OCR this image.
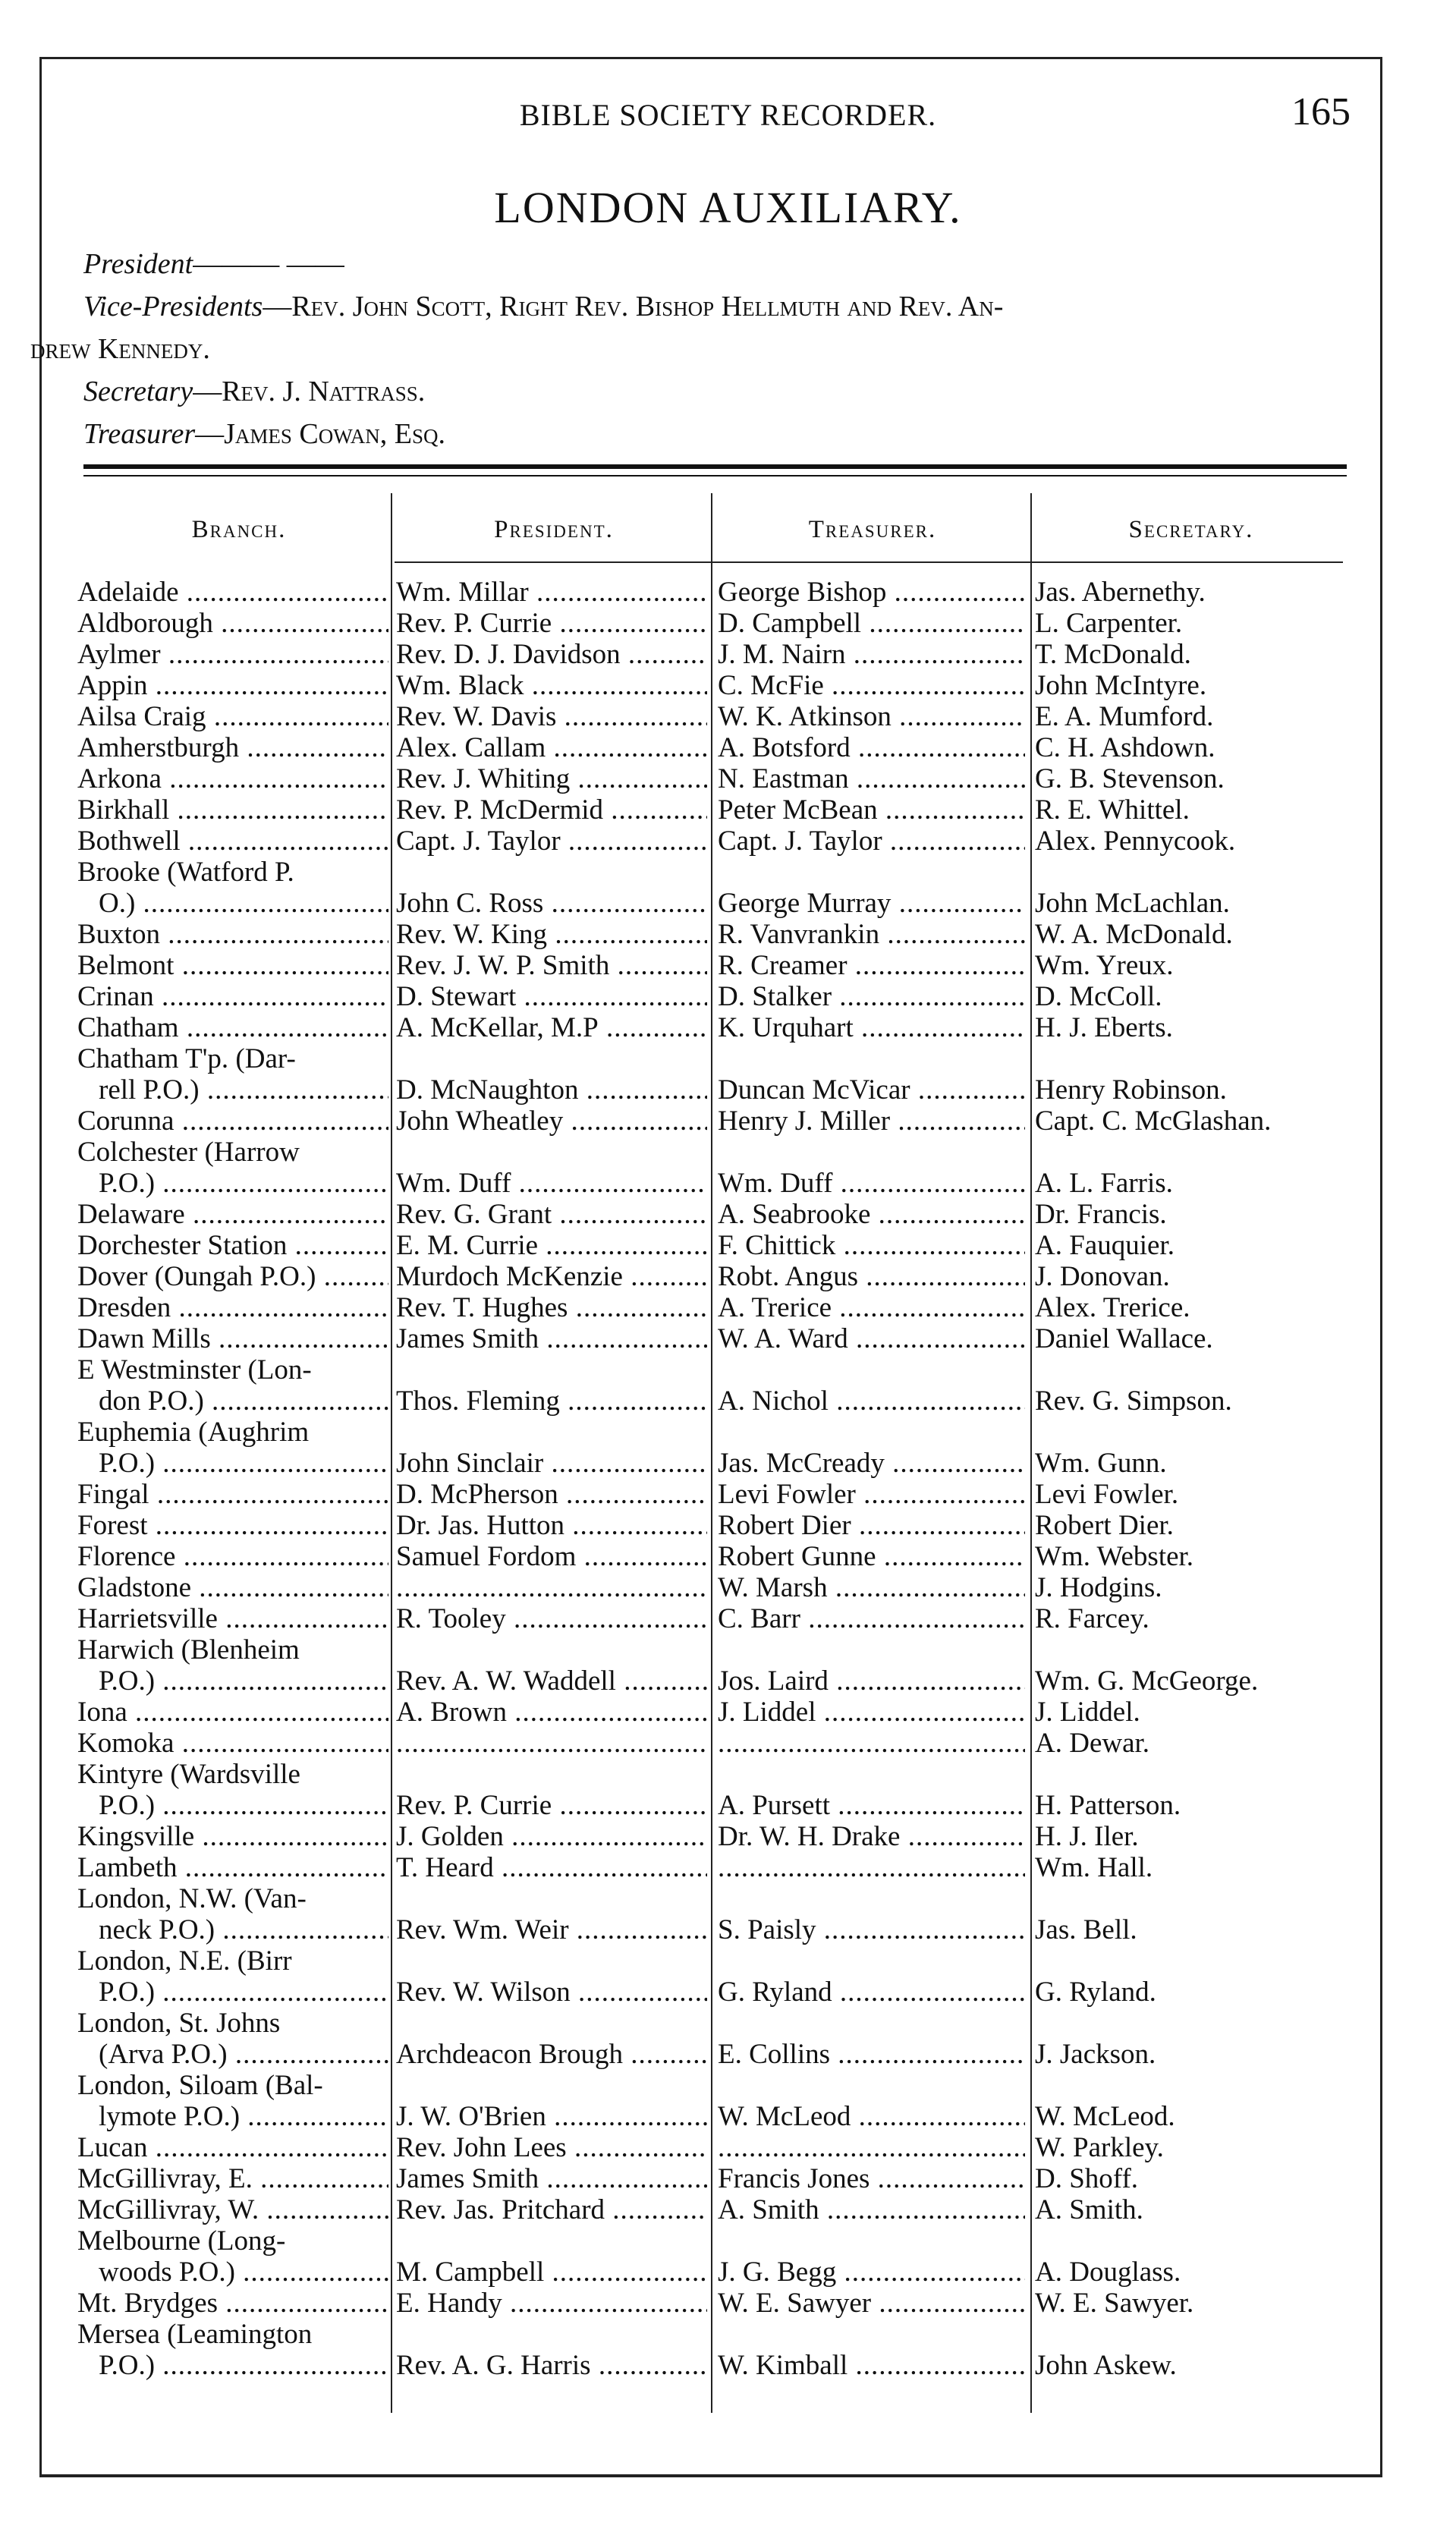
BIBLE SOCIETY RECORDER.	165
LONDON AUXILIARY.
President——— ——
Vice-Presidents—Rev. John Scott, Right Rev. Bishop Hellmuth and Rev. An-
drew Kennedy.
Secretary—Rev. J. Nattrass.
Treasurer—James Cowan, Esq.
Branch.	President.	Treasurer.	Secretary.
Adelaide .....	Wm. Millar .....	George Bishop .....	Jas. Abernethy.
Aldborough .....	Rev. P. Currie .....	D. Campbell .....	L. Carpenter.
Aylmer .....	Rev. D. J. Davidson .....	J. M. Nairn .....	T. McDonald.
Appin .....	Wm. Black .....	C. McFie .....	John McIntyre.
Ailsa Craig .....	Rev. W. Davis .....	W. K. Atkinson .....	E. A. Mumford.
Amherstburgh .....	Alex. Callam .....	A. Botsford .....	C. H. Ashdown.
Arkona .....	Rev. J. Whiting .....	N. Eastman .....	G. B. Stevenson.
Birkhall .....	Rev. P. McDermid .....	Peter McBean .....	R. E. Whittel.
Bothwell .....	Capt. J. Taylor .....	Capt. J. Taylor .....	Alex. Pennycook.
Brooke (Watford P.

O.) .....	John C. Ross .....	George Murray .....	John McLachlan.
Buxton .....	Rev. W. King .....	R. Vanvrankin .....	W. A. McDonald.
Belmont .....	Rev. J. W. P. Smith .....	R. Creamer .....	Wm. Yreux.
Crinan .....	D. Stewart .....	D. Stalker .....	D. McColl.
Chatham .....	A. McKellar, M.P .....	K. Urquhart .....	H. J. Eberts.
Chatham T'p. (Dar-

rell P.O.) .....	D. McNaughton .....	Duncan McVicar .....	Henry Robinson.
Corunna .....	John Wheatley .....	Henry J. Miller .....	Capt. C. McGlashan.
Colchester (Harrow

P.O.) .....	Wm. Duff .....	Wm. Duff .....	A. L. Farris.
Delaware .....	Rev. G. Grant .....	A. Seabrooke .....	Dr. Francis.
Dorchester Station .....	E. M. Currie .....	F. Chittick .....	A. Fauquier.
Dover (Oungah P.O.) .....	Murdoch McKenzie .....	Robt. Angus .....	J. Donovan.
Dresden .....	Rev. T. Hughes .....	A. Trerice .....	Alex. Trerice.
Dawn Mills .....	James Smith .....	W. A. Ward .....	Daniel Wallace.
E Westminster (Lon-

don P.O.) .....	Thos. Fleming .....	A. Nichol .....	Rev. G. Simpson.
Euphemia (Aughrim

P.O.) .....	John Sinclair .....	Jas. McCready .....	Wm. Gunn.
Fingal .....	D. McPherson .....	Levi Fowler .....	Levi Fowler.
Forest .....	Dr. Jas. Hutton .....	Robert Dier .....	Robert Dier.
Florence .....	Samuel Fordom .....	Robert Gunne .....	Wm. Webster.
Gladstone ..... .....	W. Marsh .....	J. Hodgins.
Harrietsville .....	R. Tooley .....	C. Barr .....	R. Farcey.
Harwich (Blenheim

P.O.) .....	Rev. A. W. Waddell .....	Jos. Laird .....	Wm. G. McGeorge.
Iona .....	A. Brown .....	J. Liddel .....	J. Liddel.
Komoka ..... ..... .....	A. Dewar.
Kintyre (Wardsville

P.O.) .....	Rev. P. Currie .....	A. Pursett .....	H. Patterson.
Kingsville .....	J. Golden .....	Dr. W. H. Drake .....	H. J. Iler.
Lambeth .....	T. Heard ..... .....	Wm. Hall.
London, N.W. (Van-

neck P.O.) .....	Rev. Wm. Weir .....	S. Paisly .....	Jas. Bell.
London, N.E. (Birr

P.O.) .....	Rev. W. Wilson .....	G. Ryland .....	G. Ryland.
London, St. Johns

(Arva P.O.) .....	Archdeacon Brough .....	E. Collins .....	J. Jackson.
London, Siloam (Bal-

lymote P.O.) .....	J. W. O'Brien .....	W. McLeod .....	W. McLeod.
Lucan .....	Rev. John Lees ..... .....	W. Parkley.
McGillivray, E. .....	James Smith .....	Francis Jones .....	D. Shoff.
McGillivray, W. .....	Rev. Jas. Pritchard .....	A. Smith .....	A. Smith.
Melbourne (Long-

woods P.O.) .....	M. Campbell .....	J. G. Begg .....	A. Douglass.
Mt. Brydges .....	E. Handy .....	W. E. Sawyer .....	W. E. Sawyer.
Mersea (Leamington

P.O.) .....	Rev. A. G. Harris .....	W. Kimball .....	John Askew.
